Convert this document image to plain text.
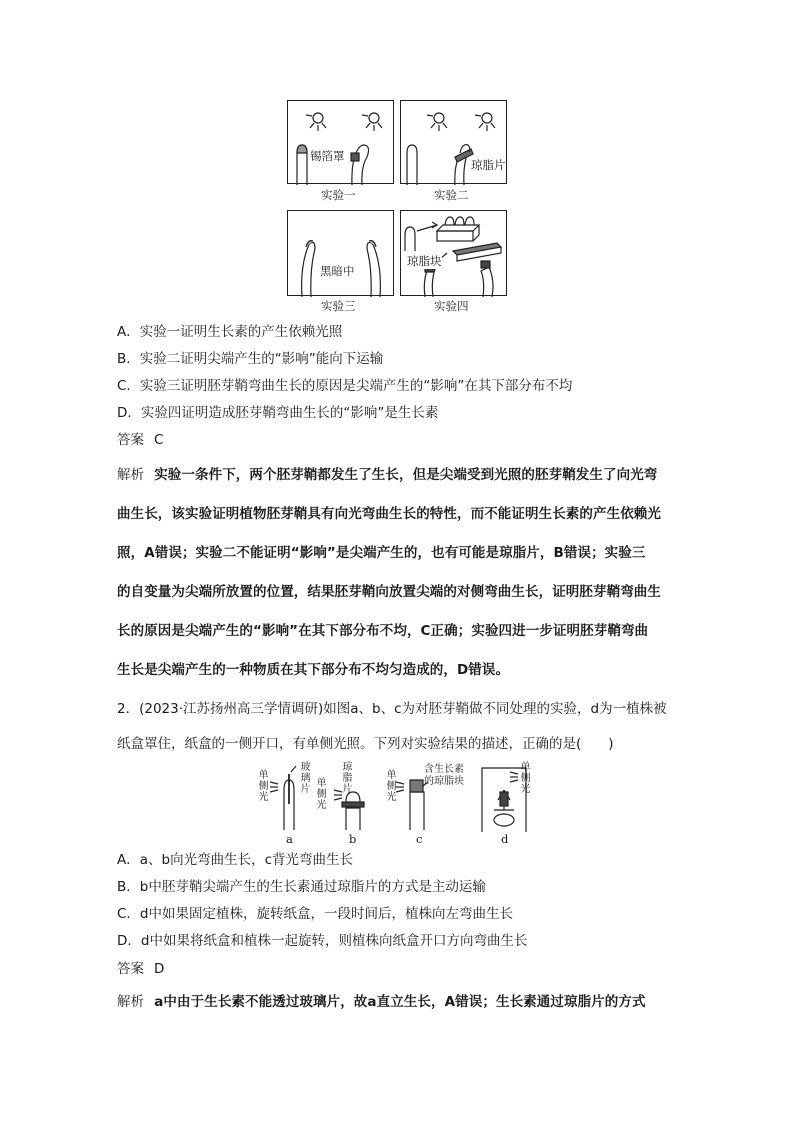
锡箔罩
实验一
琼脂片
实验二
黑暗中
实验三
琼脂块
实验四
A．实验一证明生长素的产生依赖光照
B．实验二证明尖端产生的“影响”能向下运输
C．实验三证明胚芽鞘弯曲生长的原因是尖端产生的“影响”在其下部分布不均
D．实验四证明造成胚芽鞘弯曲生长的“影响”是生长素
答案 C
解析 实验一条件下，两个胚芽鞘都发生了生长，但是尖端受到光照的胚芽鞘发生了向光弯
曲生长，该实验证明植物胚芽鞘具有向光弯曲生长的特性，而不能证明生长素的产生依赖光
照，A错误；实验二不能证明“影响”是尖端产生的，也有可能是琼脂片，B错误；实验三
的自变量为尖端所放置的位置，结果胚芽鞘向放置尖端的对侧弯曲生长，证明胚芽鞘弯曲生
长的原因是尖端产生的“影响”在其下部分布不均，C正确；实验四进一步证明胚芽鞘弯曲
生长是尖端产生的一种物质在其下部分布不均匀造成的，D错误。
2．(2023·江苏扬州高三学情调研)如图a、b、c为对胚芽鞘做不同处理的实验，d为一植株被
纸盒罩住，纸盒的一侧开口，有单侧光照。下列对实验结果的描述，正确的是(　　)
单侧光
玻璃片
a
单侧光
琼脂片
b
单侧光
含生长素的琼脂块
c
单侧光
d
A．a、b向光弯曲生长，c背光弯曲生长
B．b中胚芽鞘尖端产生的生长素通过琼脂片的方式是主动运输
C．d中如果固定植株，旋转纸盒，一段时间后，植株向左弯曲生长
D．d中如果将纸盒和植株一起旋转，则植株向纸盒开口方向弯曲生长
答案 D
解析 a中由于生长素不能透过玻璃片，故a直立生长，A错误；生长素通过琼脂片的方式
